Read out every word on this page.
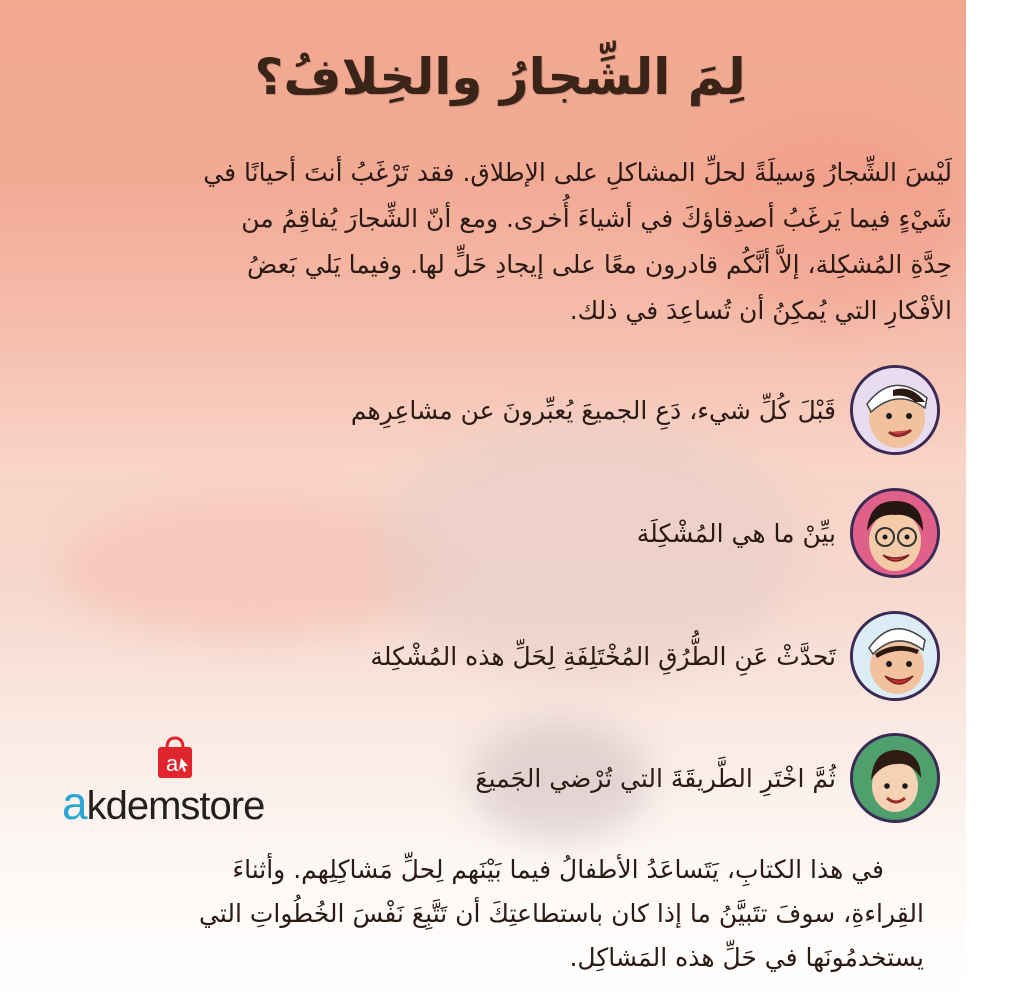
لِمَ الشِّجارُ والخِلافُ؟

لَيْسَ الشِّجارُ وَسيلَةً لحلِّ المشاكلِ على الإطلاق. فقد تَرْغَبُ أنتَ أحيانًا في

شَيْءٍ فيما يَرغَبُ أصدِقاؤكَ في أشياءَ أُخرى. ومع أنّ الشِّجارَ يُفاقِمُ من

حِدَّةِ المُشكِلة، إلاَّ أنَّكُم قادرون معًا على إيجادِ حَلٍّ لها. وفيما يَلي بَعضُ

الأفْكارِ التي يُمكِنُ أن تُساعِدَ في ذلك.

قَبْلَ كُلِّ شيء، دَعِ الجميعَ يُعبِّرونَ عن مشاعِرِهم
بيِّنْ ما هي المُشْكِلَة
تَحدَّثْ عَنِ الطُّرُقِ المُخْتَلِفَةِ لِحَلِّ هذه المُشْكِلة
ثُمَّ اخْتَرِ الطَّريقَةَ التي تُرْضي الجَميعَ

في هذا الكتابِ، يَتَساعَدُ الأطفالُ فيما بَيْنَهم لِحلِّ مَشاكِلِهم. وأثناءَ

القِراءةِ، سوفَ تتَبيَّنُ ما إذا كان باستطاعتِكَ أن تَتَّبِعَ نَفْسَ الخُطُواتِ التي

يستخدمُونَها في حَلِّ هذه المَشاكِل.

a
akdemstore
